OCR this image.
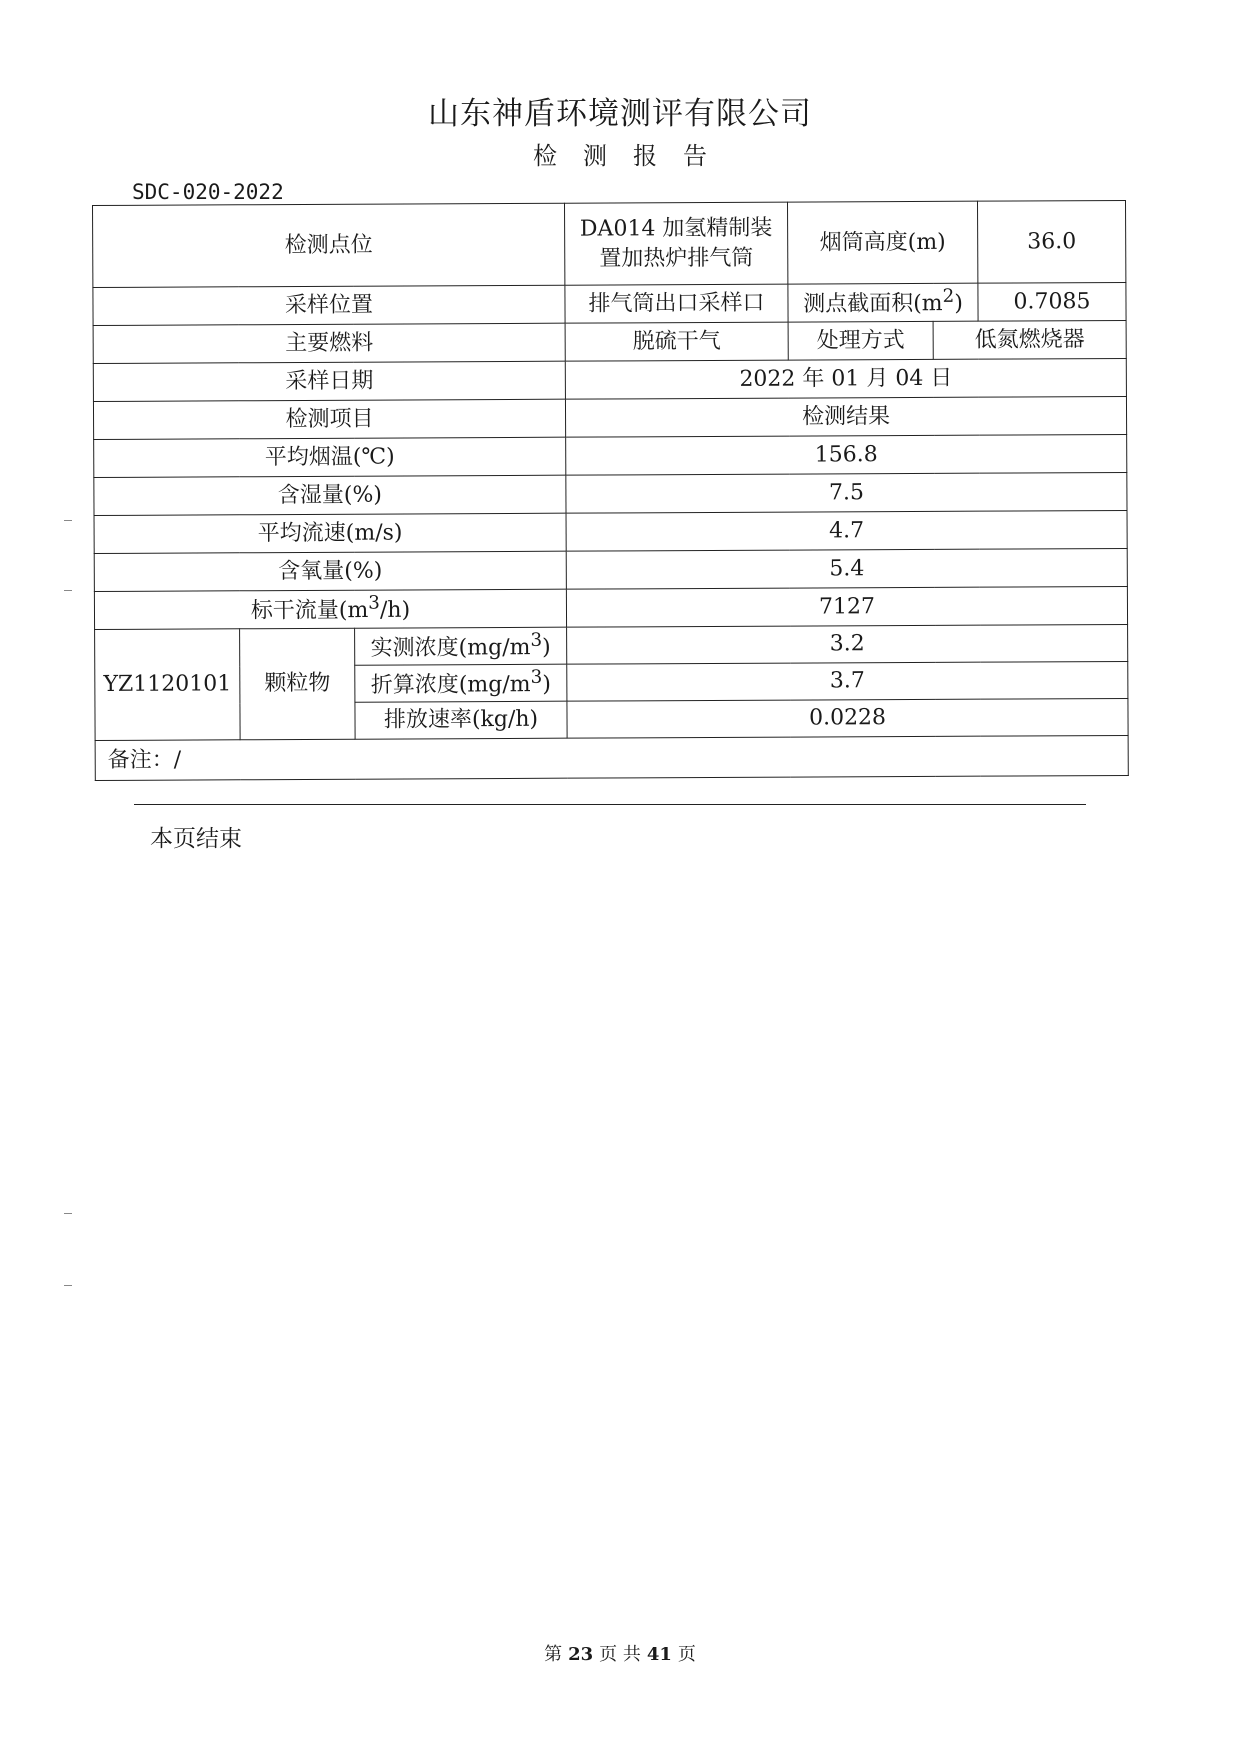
山东神盾环境测评有限公司
检测报告
SDC-020-2022
检测点位			DA014 加氢精制装置加热炉排气筒	烟筒高度(m)		36.0
采样位置			排气筒出口采样口	测点截面积$(m^2)$		0.7085
主要燃料			脱硫干气	处理方式	低氮燃烧器	
采样日期			2022 年 01 月 04 日			
检测项目			检测结果			
平均烟温(℃)			156.8			
含湿量(%)			7.5			
平均流速(m/s)			4.7			
含氧量(%)			5.4			
标干流量$(m^3/h)$			7127			
YZ1120101	颗粒物	实测浓度$(mg/m^3)$	3.2			
		折算浓度$(mg/m^3)$	3.7			
		排放速率(kg/h)	0.0228			
备注：/						
本页结束
第 23 页 共 41 页
